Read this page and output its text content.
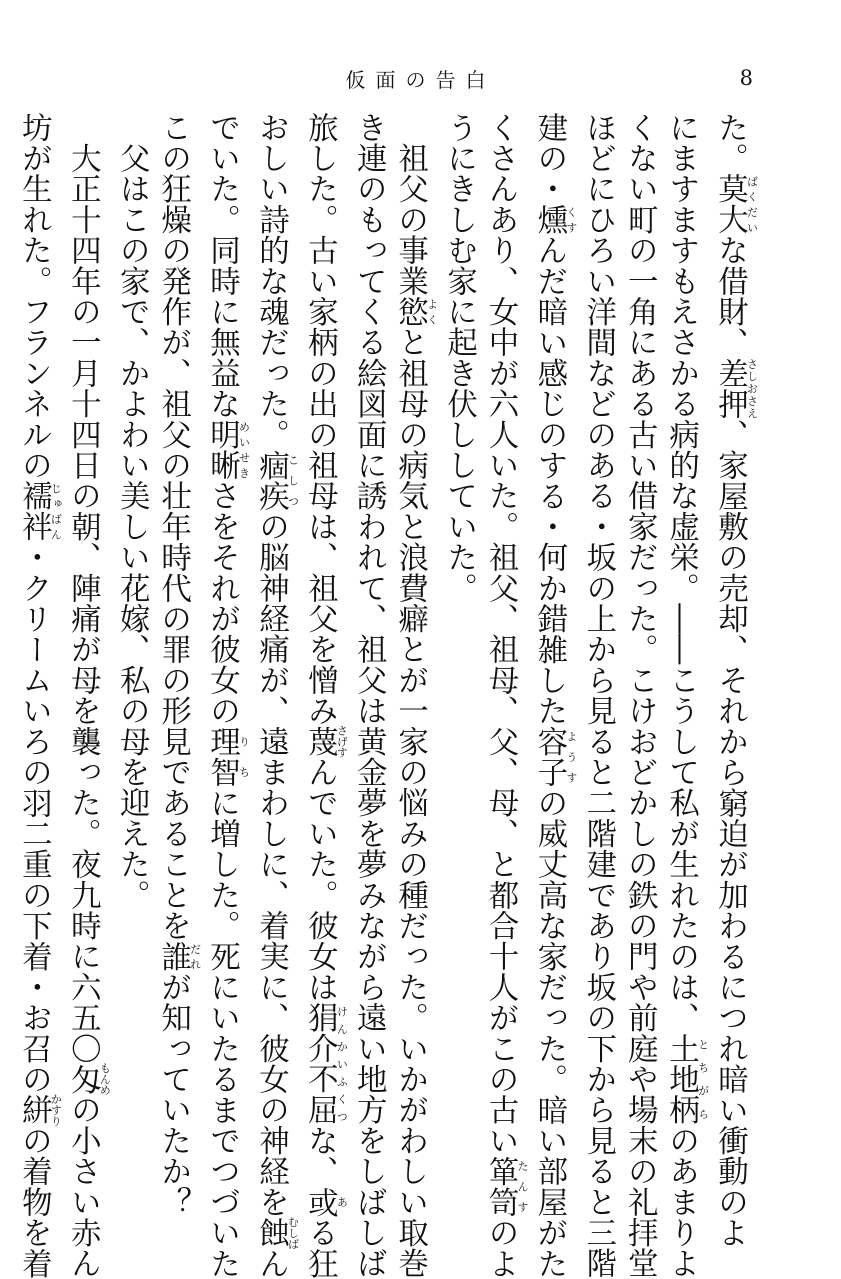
仮面の告白	8

た。莫大ばくだいな借財、差押さしおさえ、家屋敷の売却、それから窮迫が加わるにつれ暗い衝動のよ

にますますもえさかる病的な虚栄。――こうして私が生れたのは、土地柄とちがらのあまりよ

くない町の一角にある古い借家だった。こけおどかしの鉄の門や前庭や場末の礼拝堂

ほどにひろい洋間などのある・坂の上から見ると二階建であり坂の下から見ると三階

建の・燻くすんだ暗い感じのする・何か錯雑した容子ようすの威丈高な家だった。暗い部屋がた

くさんあり、女中が六人いた。祖父、祖母、父、母、と都合十人がこの古い箪笥たんすのよ

うにきしむ家に起き伏ししていた。

　祖父の事業慾よくと祖母の病気と浪費癖とが一家の悩みの種だった。いかがわしい取巻

き連のもってくる絵図面に誘われて、祖父は黄金夢を夢みながら遠い地方をしばしば

旅した。古い家柄の出の祖母は、祖父を憎み蔑さげすんでいた。彼女は狷介不屈けんかいふくつな、或ある狂

おしい詩的な魂だった。痼疾こしつの脳神経痛が、遠まわしに、着実に、彼女の神経を蝕むしばん

でいた。同時に無益な明晰めいせきさをそれが彼女の理智りちに増した。死にいたるまでつづいた

この狂燥の発作が、祖父の壮年時代の罪の形見であることを誰だれが知っていたか？

　父はこの家で、かよわい美しい花嫁、私の母を迎えた。

　大正十四年の一月十四日の朝、陣痛が母を襲った。夜九時に六五〇匁もんめの小さい赤ん

坊が生れた。フランネルの襦袢じゅばん・クリームいろの羽二重の下着・お召の絣かすりの着物を着
